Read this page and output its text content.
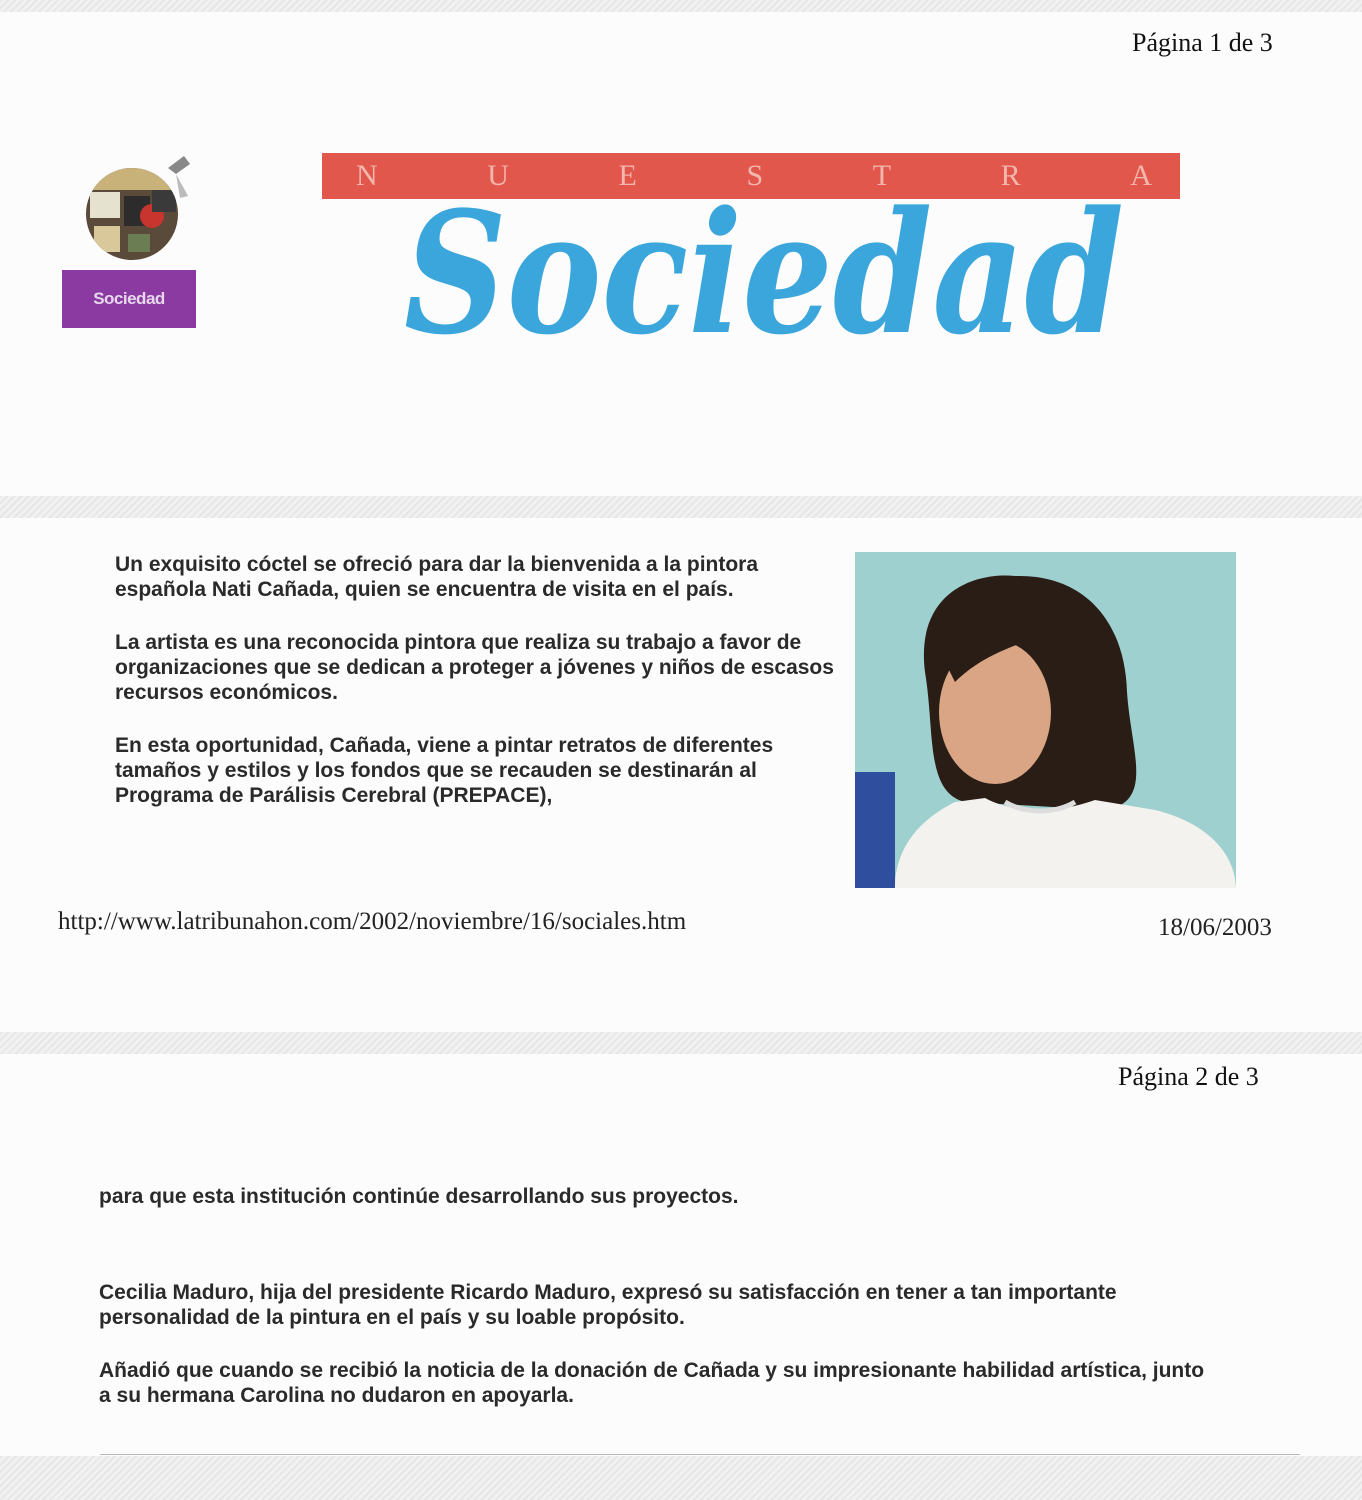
Página 1 de 3
Sociedad
N	U	E	S	T	R	A
Sociedad

Un exquisito cóctel se ofreció para dar la bienvenida a la pintora española Nati Cañada, quien se encuentra de visita en el país.

La artista es una reconocida pintora que realiza su trabajo a favor de organizaciones que se dedican a proteger a jóvenes y niños de escasos recursos económicos.

En esta oportunidad, Cañada, viene a pintar retratos de diferentes tamaños y estilos y los fondos que se recauden se destinarán al Programa de Parálisis Cerebral (PREPACE),

http://www.latribunahon.com/2002/noviembre/16/sociales.htm	18/06/2003
Página 2 de 3

para que esta institución continúe desarrollando sus proyectos.

Cecilia Maduro, hija del presidente Ricardo Maduro, expresó su satisfacción en tener a tan importante personalidad de la pintura en el país y su loable propósito.

Añadió que cuando se recibió la noticia de la donación de Cañada y su impresionante habilidad artística, junto a su hermana Carolina no dudaron en apoyarla.
